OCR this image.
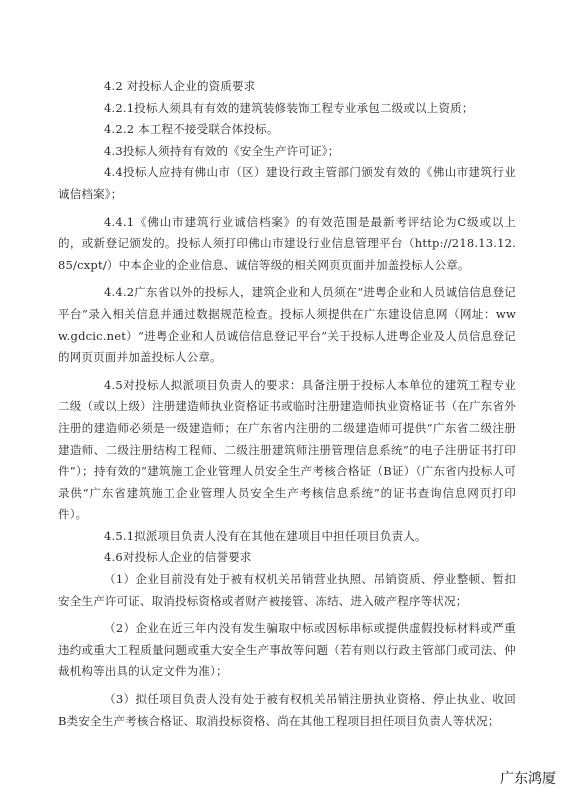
4.2 对投标人企业的资质要求

4.2.1投标人须具有有效的建筑装修装饰工程专业承包二级或以上资质；

4.2.2 本工程不接受联合体投标。

4.3投标人须持有有效的《安全生产许可证》；

4.4投标人应持有佛山市（区）建设行政主管部门颁发有效的《佛山市建筑行业诚信档案》；

4.4.1《佛山市建筑行业诚信档案》的有效范围是最新考评结论为C级或以上的，或新登记颁发的。投标人须打印佛山市建设行业信息管理平台（http://218.13.12.85/cxpt/）中本企业的企业信息、诚信等级的相关网页页面并加盖投标人公章。

4.4.2广东省以外的投标人，建筑企业和人员须在“进粤企业和人员诚信信息登记平台”录入相关信息并通过数据规范检查。投标人须提供在广东建设信息网（网址：www.gdcic.net）“进粤企业和人员诚信信息登记平台”关于投标人进粤企业及人员信息登记的网页页面并加盖投标人公章。

4.5对投标人拟派项目负责人的要求：具备注册于投标人本单位的建筑工程专业二级（或以上级）注册建造师执业资格证书或临时注册建造师执业资格证书（在广东省外注册的建造师必须是一级建造师；在广东省内注册的二级建造师可提供“广东省二级注册建造师、二级注册结构工程师、二级注册建筑师注册管理信息系统”的电子注册证书打印件”）；持有效的“建筑施工企业管理人员安全生产考核合格证（B证）（广东省内投标人可录供“广东省建筑施工企业管理人员安全生产考核信息系统”的证书查询信息网页打印件）。

4.5.1拟派项目负责人没有在其他在建项目中担任项目负责人。

4.6对投标人企业的信誉要求

（1）企业目前没有处于被有权机关吊销营业执照、吊销资质、停业整顿、暂扣安全生产许可证、取消投标资格或者财产被接管、冻结、进入破产程序等状况；

（2）企业在近三年内没有发生骗取中标或因标串标或提供虚假投标材料或严重违约或重大工程质量问题或重大安全生产事故等问题（若有则以行政主管部门或司法、仲裁机构等出具的认定文件为准）；

（3）拟任项目负责人没有处于被有权机关吊销注册执业资格、停止执业、收回B类安全生产考核合格证、取消投标资格、尚在其他工程项目担任项目负责人等状况；

广东鸿厦
